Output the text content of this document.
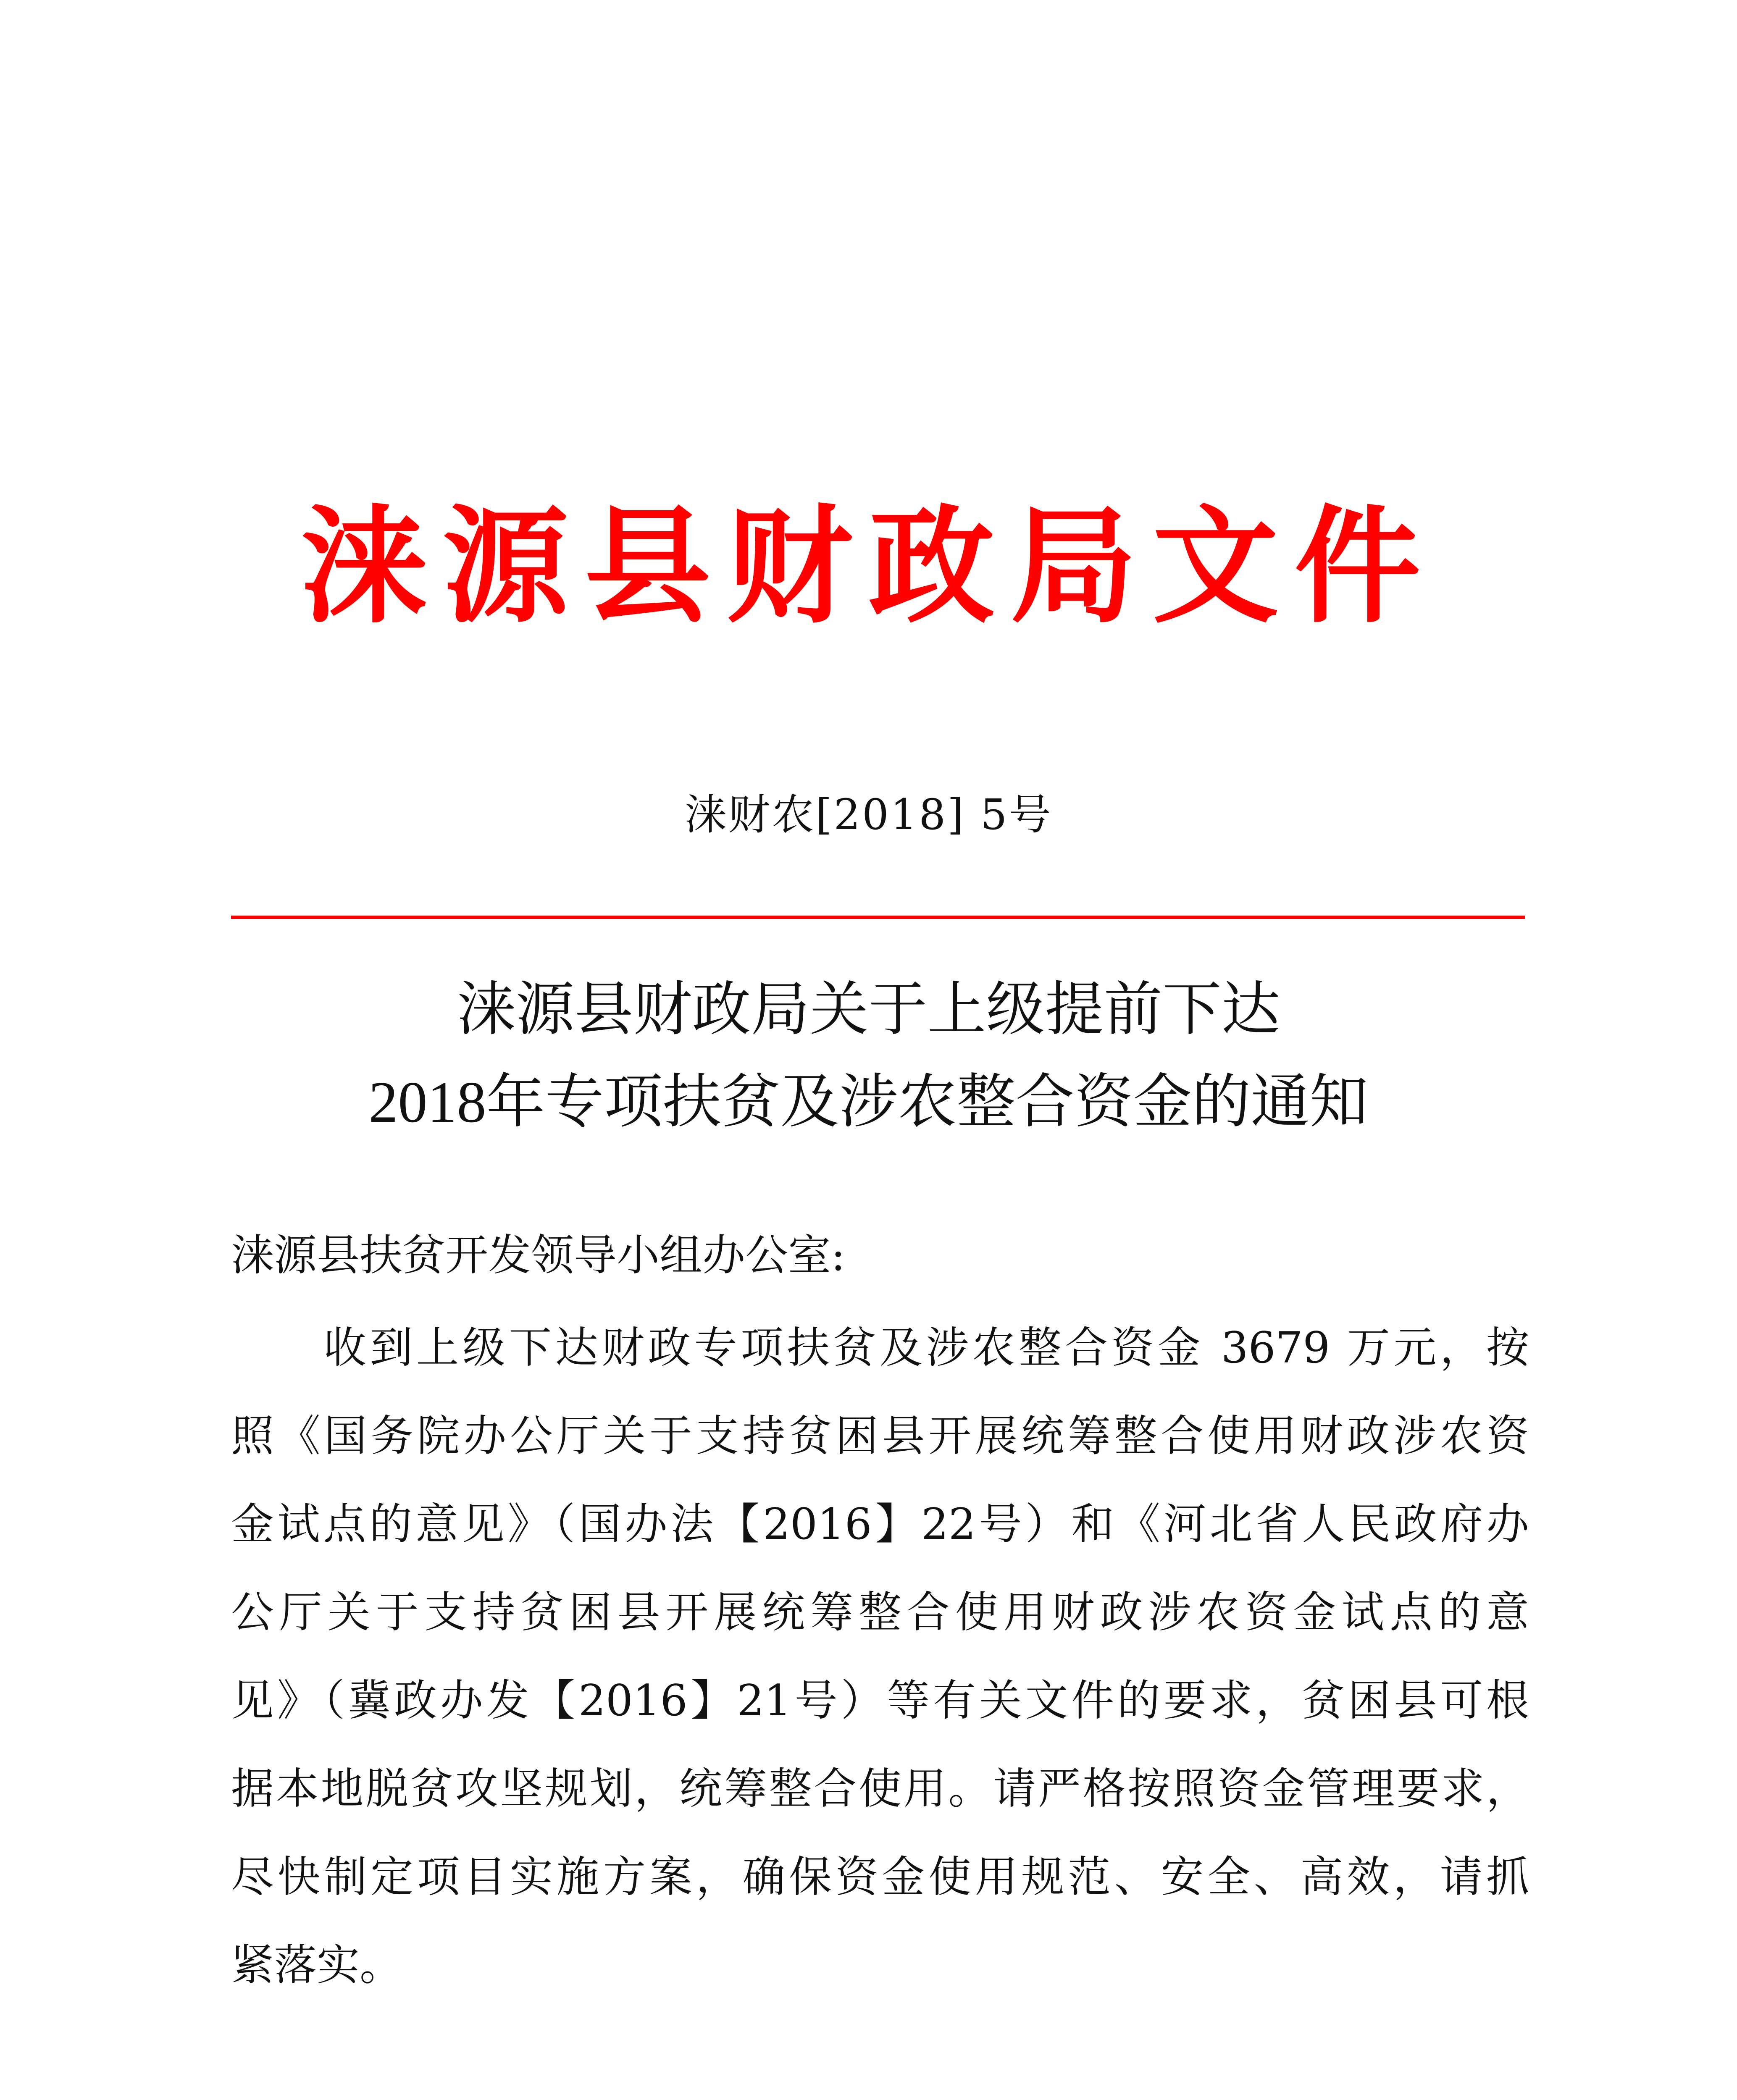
涞源县财政局文件
涞财农[2018] 5号
涞源县财政局关于上级提前下达
2018年专项扶贫及涉农整合资金的通知
涞源县扶贫开发领导小组办公室:
收到上级下达财政专项扶贫及涉农整合资金 3679 万元，按
照《国务院办公厅关于支持贫困县开展统筹整合使用财政涉农资
金试点的意见》（国办法【2016】22号）和《河北省人民政府办
公厅关于支持贫困县开展统筹整合使用财政涉农资金试点的意
见》（冀政办发【2016】21号）等有关文件的要求，贫困县可根
据本地脱贫攻坚规划，统筹整合使用。请严格按照资金管理要求，
尽快制定项目实施方案，确保资金使用规范、安全、高效，请抓
紧落实。
